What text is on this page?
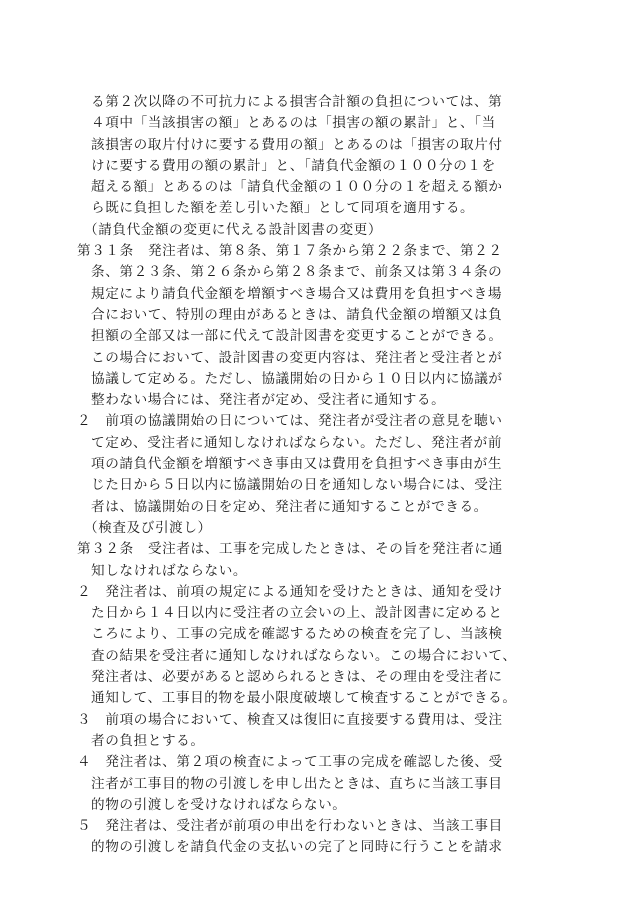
る第２次以降の不可抗力による損害合計額の負担については、第
４項中「当該損害の額」とあるのは「損害の額の累計」と、「当
該損害の取片付けに要する費用の額」とあるのは「損害の取片付
けに要する費用の額の累計」と、「請負代金額の１００分の１を
超える額」とあるのは「請負代金額の１００分の１を超える額か
ら既に負担した額を差し引いた額」として同項を適用する。
（請負代金額の変更に代える設計図書の変更）
第３１条　発注者は、第８条、第１７条から第２２条まで、第２２
条、第２３条、第２６条から第２８条まで、前条又は第３４条の
規定により請負代金額を増額すべき場合又は費用を負担すべき場
合において、特別の理由があるときは、請負代金額の増額又は負
担額の全部又は一部に代えて設計図書を変更することができる。
この場合において、設計図書の変更内容は、発注者と受注者とが
協議して定める。ただし、協議開始の日から１０日以内に協議が
整わない場合には、発注者が定め、受注者に通知する。
２　前項の協議開始の日については、発注者が受注者の意見を聴い
て定め、受注者に通知しなければならない。ただし、発注者が前
項の請負代金額を増額すべき事由又は費用を負担すべき事由が生
じた日から５日以内に協議開始の日を通知しない場合には、受注
者は、協議開始の日を定め、発注者に通知することができる。
（検査及び引渡し）
第３２条　受注者は、工事を完成したときは、その旨を発注者に通
知しなければならない。
２　発注者は、前項の規定による通知を受けたときは、通知を受け
た日から１４日以内に受注者の立会いの上、設計図書に定めると
ころにより、工事の完成を確認するための検査を完了し、当該検
査の結果を受注者に通知しなければならない。この場合において、
発注者は、必要があると認められるときは、その理由を受注者に
通知して、工事目的物を最小限度破壊して検査することができる。
３　前項の場合において、検査又は復旧に直接要する費用は、受注
者の負担とする。
４　発注者は、第２項の検査によって工事の完成を確認した後、受
注者が工事目的物の引渡しを申し出たときは、直ちに当該工事目
的物の引渡しを受けなければならない。
５　発注者は、受注者が前項の申出を行わないときは、当該工事目
的物の引渡しを請負代金の支払いの完了と同時に行うことを請求
